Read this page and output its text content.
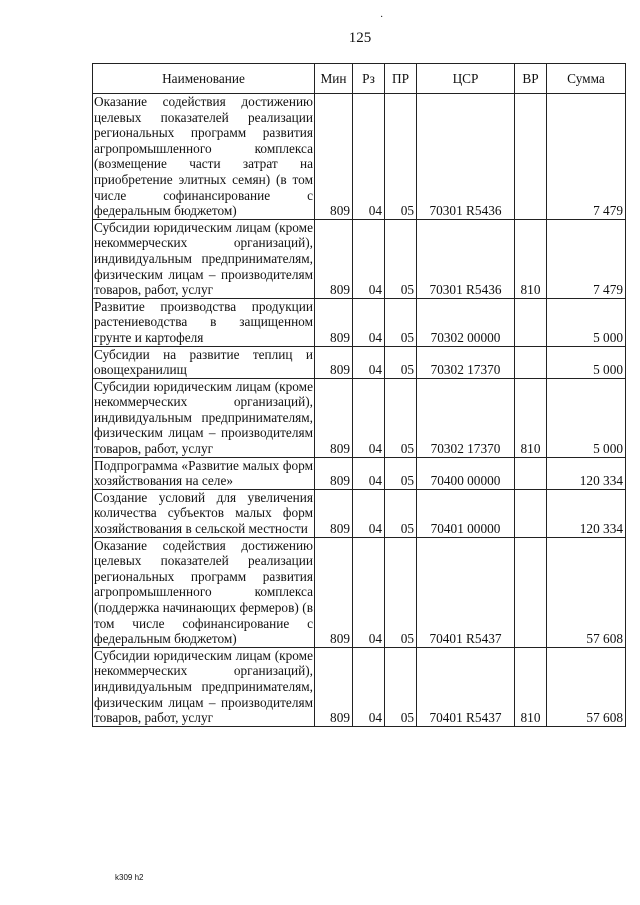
·
125
Наименование	Мин	Рз	ПР	ЦСР	ВР	Сумма
Оказание содействия достижению целевых показателей реализации региональных программ развития агропромышленного комплекса (возмещение части затрат на приобретение элитных семян) (в том числе софинансирование с федеральным бюджетом)	809	04	05	70301 R5436		7 479
Субсидии юридическим лицам (кроме некоммерческих организаций), индивидуальным предпринимателям, физическим лицам – производителям товаров, работ, услуг	809	04	05	70301 R5436	810	7 479
Развитие производства продукции растениеводства в защищенном грунте и картофеля	809	04	05	70302 00000		5 000
Субсидии на развитие теплиц и овощехранилищ	809	04	05	70302 17370		5 000
Субсидии юридическим лицам (кроме некоммерческих организаций), индивидуальным предпринимателям, физическим лицам – производителям товаров, работ, услуг	809	04	05	70302 17370	810	5 000
Подпрограмма «Развитие малых форм хозяйствования на селе»	809	04	05	70400 00000		120 334
Создание условий для увеличения количества субъектов малых форм хозяйствования в сельской местности	809	04	05	70401 00000		120 334
Оказание содействия достижению целевых показателей реализации региональных программ развития агропромышленного комплекса (поддержка начинающих фермеров) (в том числе софинансирование с федеральным бюджетом)	809	04	05	70401 R5437		57 608
Субсидии юридическим лицам (кроме некоммерческих организаций), индивидуальным предпринимателям, физическим лицам – производителям товаров, работ, услуг	809	04	05	70401 R5437	810	57 608
k309 h2
